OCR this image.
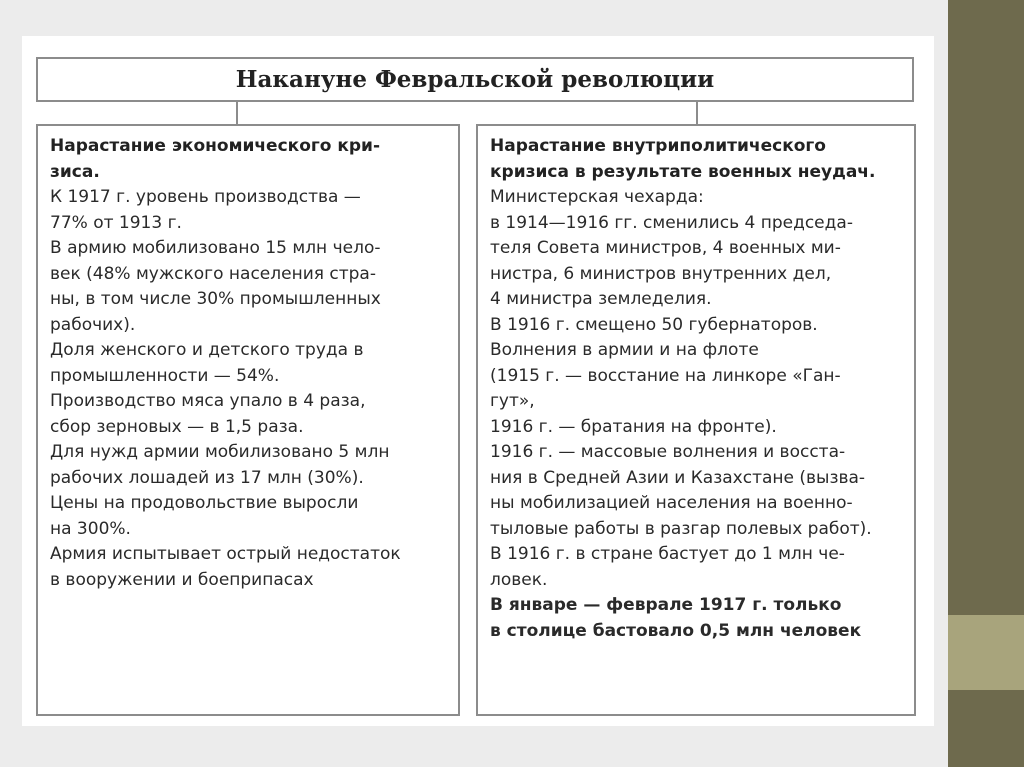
Накануне Февральской революции

Нарастание экономического кри-

зиса.

К 1917 г. уровень производства —

77% от 1913 г.

В армию мобилизовано 15 млн чело-

век (48% мужского населения стра-

ны, в том числе 30% промышленных

рабочих).

Доля женского и детского труда в

промышленности — 54%.

Производство мяса упало в 4 раза,

сбор зерновых — в 1,5 раза.

Для нужд армии мобилизовано 5 млн

рабочих лошадей из 17 млн (30%).

Цены на продовольствие выросли

на 300%.

Армия испытывает острый недостаток

в вооружении и боеприпасах

Нарастание внутриполитического

кризиса в результате военных неудач.

Министерская чехарда:

в 1914—1916 гг. сменились 4 председа-

теля Совета министров, 4 военных ми-

нистра, 6 министров внутренних дел,

4 министра земледелия.

В 1916 г. смещено 50 губернаторов.

Волнения в армии и на флоте

(1915 г. — восстание на линкоре «Ган-

гут»,

1916 г. — братания на фронте).

1916 г. — массовые волнения и восста-

ния в Средней Азии и Казахстане (вызва-

ны мобилизацией населения на военно-

тыловые работы в разгар полевых работ).

В 1916 г. в стране бастует до 1 млн че-

ловек.

В январе — феврале 1917 г. только

в столице бастовало 0,5 млн человек
